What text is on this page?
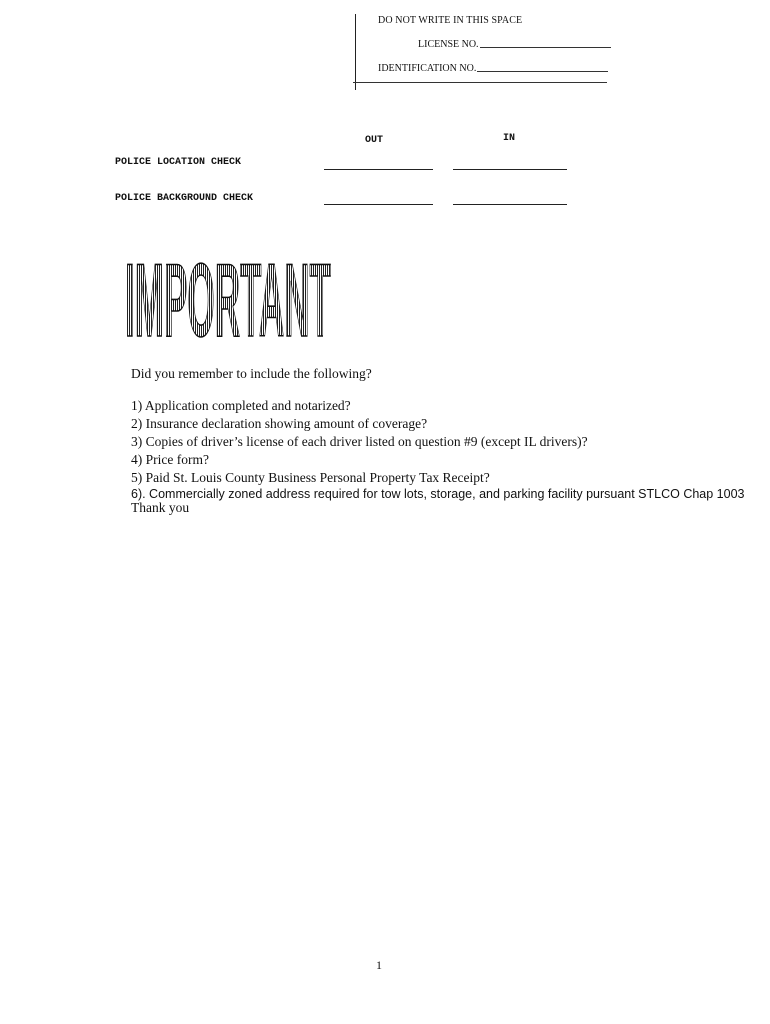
DO NOT WRITE IN THIS SPACE
LICENSE NO.
IDENTIFICATION NO.
OUT	IN
POLICE LOCATION CHECK
POLICE BACKGROUND CHECK
IMPORTANT
Did you remember to include the following?
1) Application completed and notarized?
2) Insurance declaration showing amount of coverage?
3) Copies of driver’s license of each driver listed on question #9 (except IL drivers)?
4) Price form?
5) Paid St. Louis County Business Personal Property Tax Receipt?
6). Commercially zoned address required for tow lots, storage, and parking facility pursuant STLCO Chap 1003
Thank you
1
